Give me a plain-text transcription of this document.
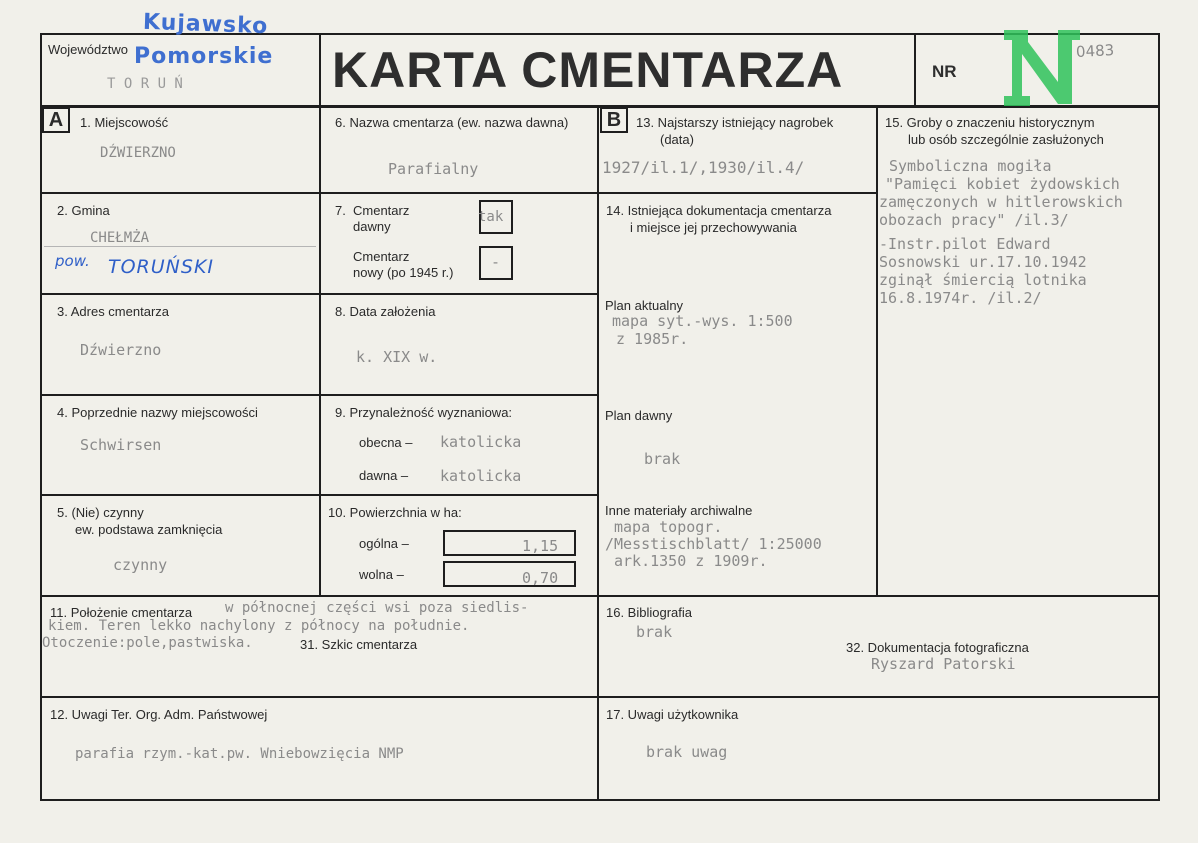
Województwo
Kujawsko
Pomorskie
T O R U Ń	KARTA CMENTARZA	NR
0483
A	1. Miejscowość
DŹWIERZNO
2. Gmina
CHEŁMŻA
pow. TORUŃSKI
3. Adres cmentarza
Dźwierzno
4. Poprzednie nazwy miejscowości
Schwirsen
5. (Nie) czynny
ew. podstawa zamknięcia
czynny
6. Nazwa cmentarza (ew. nazwa dawna)
Parafialny
7. Cmentarz
dawny
tak
Cmentarz
nowy (po 1945 r.)
-
8. Data założenia
k. XIX w.
9. Przynależność wyznaniowa:
obecna – katolicka
dawna – katolicka
10. Powierzchnia w ha:
ogólna –	1,15
wolna –	0,70
B	13. Najstarszy istniejący nagrobek
(data)
1927/il.1/,1930/il.4/
14. Istniejąca dokumentacja cmentarza
i miejsce jej przechowywania
Plan aktualny
mapa syt.-wys. 1:500
z 1985r.
Plan dawny
brak
Inne materiały archiwalne
mapa topogr.
/Messtischblatt/ 1:25000
ark.1350 z 1909r.
15. Groby o znaczeniu historycznym
lub osób szczególnie zasłużonych
Symboliczna mogiła
"Pamięci kobiet żydowskich
zamęczonych w hitlerowskich
obozach pracy" /il.3/
-Instr.pilot Edward
Sosnowski ur.17.10.1942
zginął śmiercią lotnika
16.8.1974r. /il.2/
11. Położenie cmentarza w północnej części wsi poza siedlis-
kiem. Teren lekko nachylony z północy na południe.
Otoczenie:pole,pastwiska.	31. Szkic cmentarza
16. Bibliografia
brak
32. Dokumentacja fotograficzna
Ryszard Patorski
12. Uwagi Ter. Org. Adm. Państwowej
parafia rzym.-kat.pw. Wniebowzięcia NMP
17. Uwagi użytkownika
brak uwag
